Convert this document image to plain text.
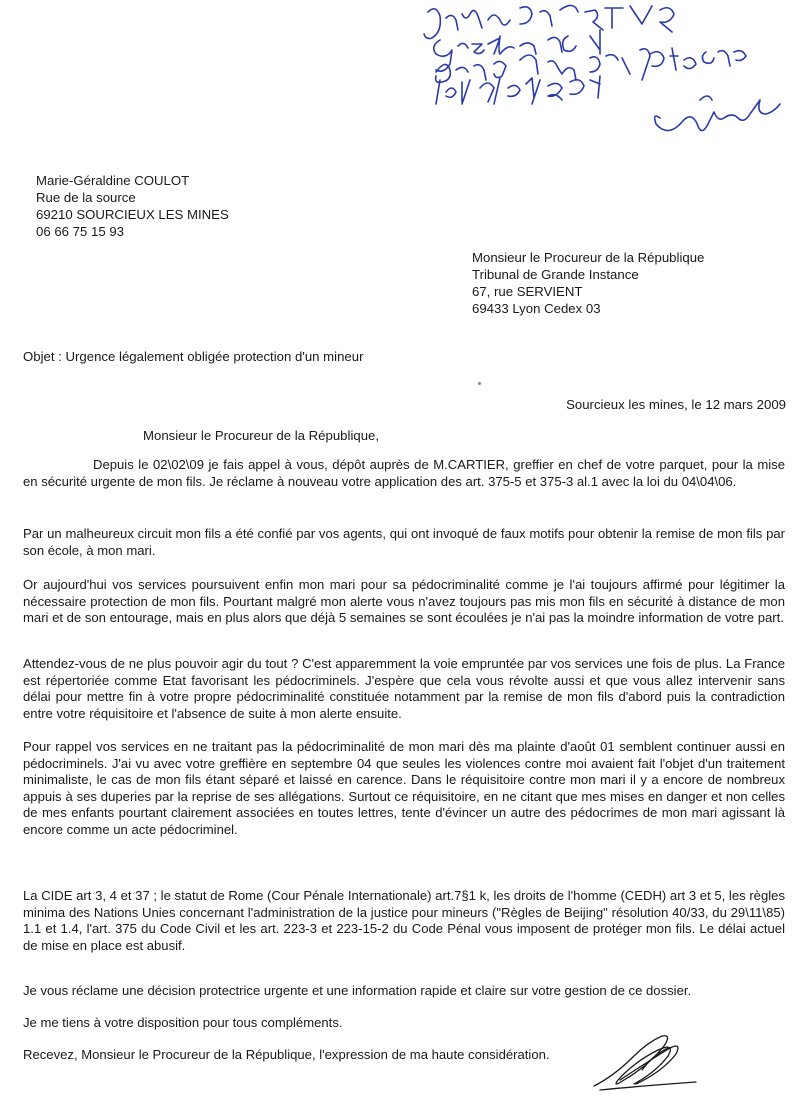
Marie-Géraldine COULOT
Rue de la source
69210 SOURCIEUX LES MINES
06 66 75 15 93
Monsieur le Procureur de la République
Tribunal de Grande Instance
67, rue SERVIENT
69433 Lyon Cedex 03
Objet : Urgence légalement obligée protection d'un mineur
Sourcieux les mines, le 12 mars 2009
Monsieur le Procureur de la République,
Depuis le 02\02\09 je fais appel à vous, dépôt auprès de M.CARTIER, greffier en chef de votre parquet, pour la mise en sécurité urgente de mon fils. Je réclame à nouveau votre application des art. 375-5 et 375-3 al.1 avec la loi du 04\04\06.
Par un malheureux circuit mon fils a été confié par vos agents, qui ont invoqué de faux motifs pour obtenir la remise de mon fils par son école, à mon mari.
Or aujourd'hui vos services poursuivent enfin mon mari pour sa pédocriminalité comme je l'ai toujours affirmé pour légitimer la nécessaire protection de mon fils. Pourtant malgré mon alerte vous n'avez toujours pas mis mon fils en sécurité à distance de mon mari et de son entourage, mais en plus alors que déjà 5 semaines se sont écoulées je n'ai pas la moindre information de votre part.
Attendez-vous de ne plus pouvoir agir du tout ? C'est apparemment la voie empruntée par vos services une fois de plus. La France est répertoriée comme Etat favorisant les pédocriminels. J'espère que cela vous révolte aussi et que vous allez intervenir sans délai pour mettre fin à votre propre pédocriminalité constituée notamment par la remise de mon fils d'abord puis la contradiction entre votre réquisitoire et l'absence de suite à mon alerte ensuite.
Pour rappel vos services en ne traitant pas la pédocriminalité de mon mari dès ma plainte d'août 01 semblent continuer aussi en pédocriminels. J'ai vu avec votre greffière en septembre 04 que seules les violences contre moi avaient fait l'objet d'un traitement minimaliste, le cas de mon fils étant séparé et laissé en carence. Dans le réquisitoire contre mon mari il y a encore de nombreux appuis à ses duperies par la reprise de ses allégations. Surtout ce réquisitoire, en ne citant que mes mises en danger et non celles de mes enfants pourtant clairement associées en toutes lettres, tente d'évincer un autre des pédocrimes de mon mari agissant là encore comme un acte pédocriminel.
La CIDE art 3, 4 et 37 ; le statut de Rome (Cour Pénale Internationale) art.7§1 k, les droits de l'homme (CEDH) art 3 et 5, les règles minima des Nations Unies concernant l'administration de la justice pour mineurs ("Règles de Beijing" résolution 40/33, du 29\11\85) 1.1 et 1.4, l'art. 375 du Code Civil et les art. 223-3 et 223-15-2 du Code Pénal vous imposent de protéger mon fils. Le délai actuel de mise en place est abusif.
Je vous réclame une décision protectrice urgente et une information rapide et claire sur votre gestion de ce dossier.
Je me tiens à votre disposition pour tous compléments.
Recevez, Monsieur le Procureur de la République, l'expression de ma haute considération.
